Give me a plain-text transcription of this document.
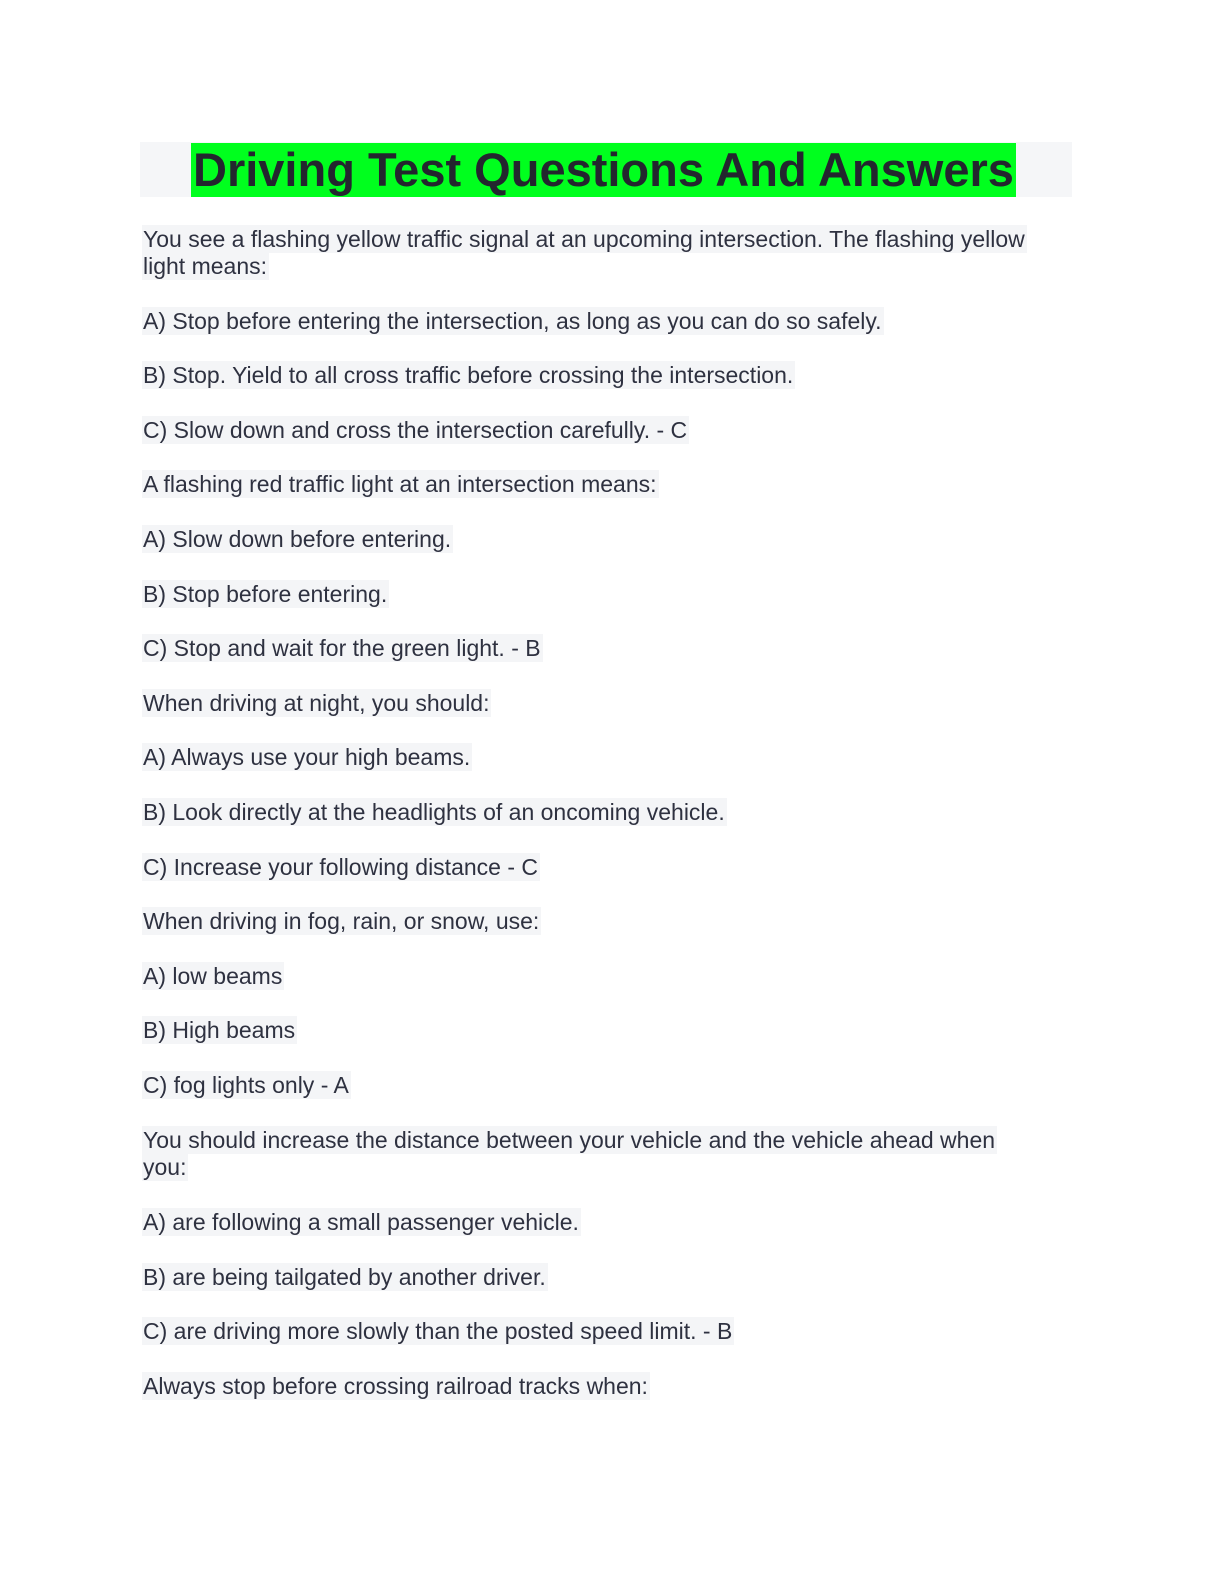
Driving Test Questions And Answers
You see a flashing yellow traffic signal at an upcoming intersection. The flashing yellow
light means:
A) Stop before entering the intersection, as long as you can do so safely.
B) Stop. Yield to all cross traffic before crossing the intersection.
C) Slow down and cross the intersection carefully. - C
A flashing red traffic light at an intersection means:
A) Slow down before entering.
B) Stop before entering.
C) Stop and wait for the green light. - B
When driving at night, you should:
A) Always use your high beams.
B) Look directly at the headlights of an oncoming vehicle.
C) Increase your following distance - C
When driving in fog, rain, or snow, use:
A) low beams
B) High beams
C) fog lights only - A
You should increase the distance between your vehicle and the vehicle ahead when
you:
A) are following a small passenger vehicle.
B) are being tailgated by another driver.
C) are driving more slowly than the posted speed limit. - B
Always stop before crossing railroad tracks when:
